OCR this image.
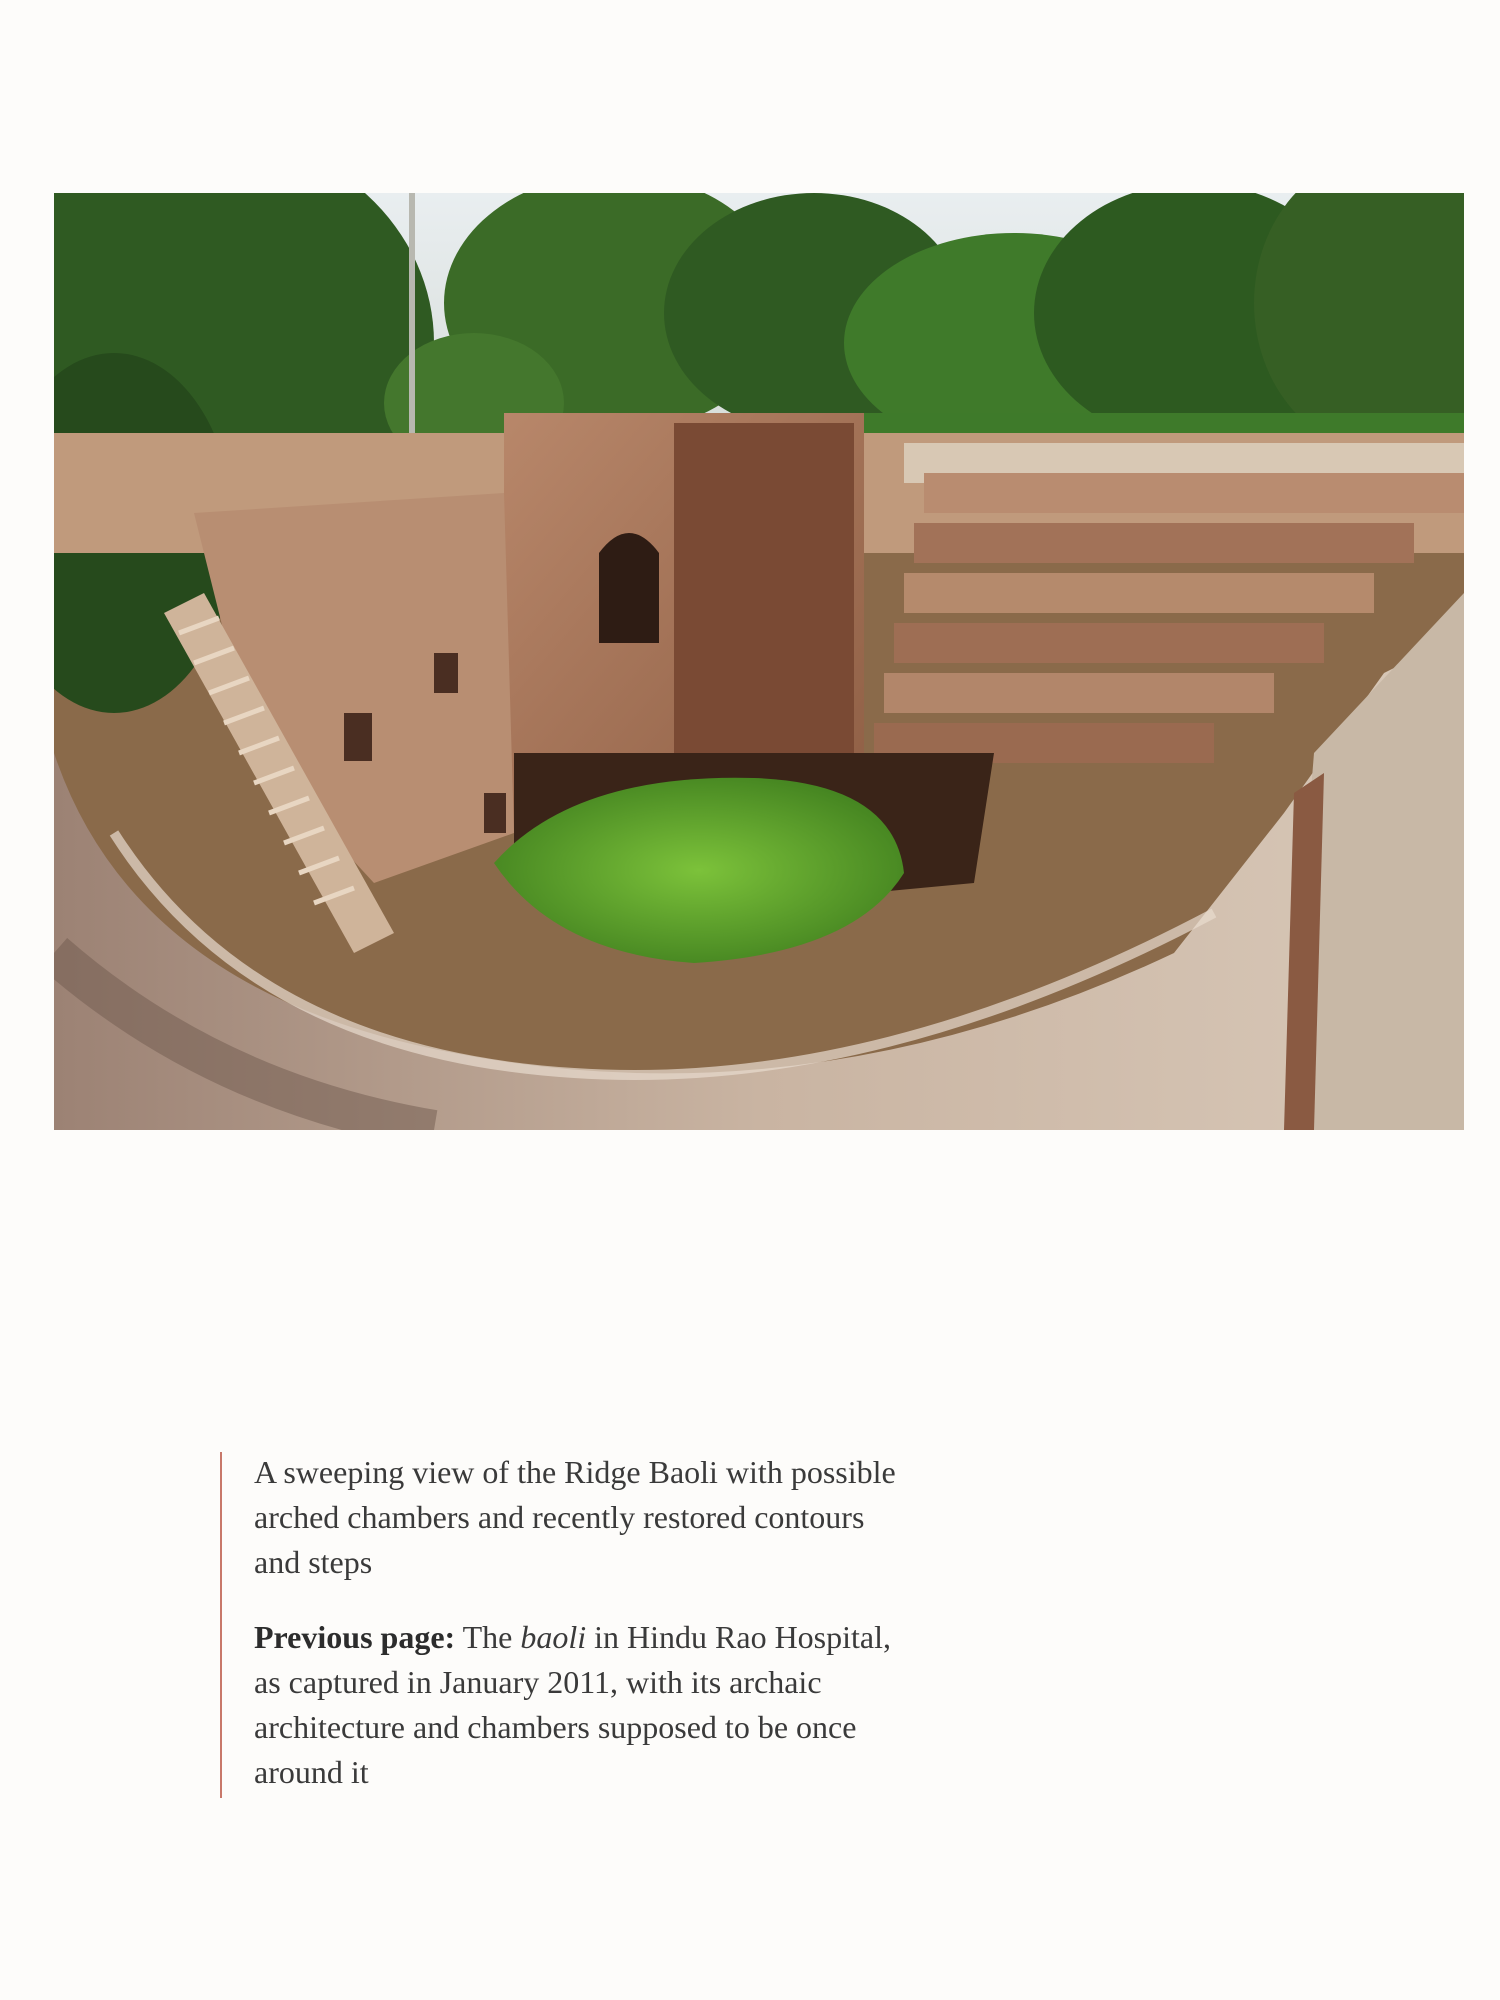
A sweeping view of the Ridge Baoli with possible arched chambers and recently restored contours and steps

Previous page: The baoli in Hindu Rao Hospital, as captured in January 2011, with its archaic architecture and chambers supposed to be once around it
